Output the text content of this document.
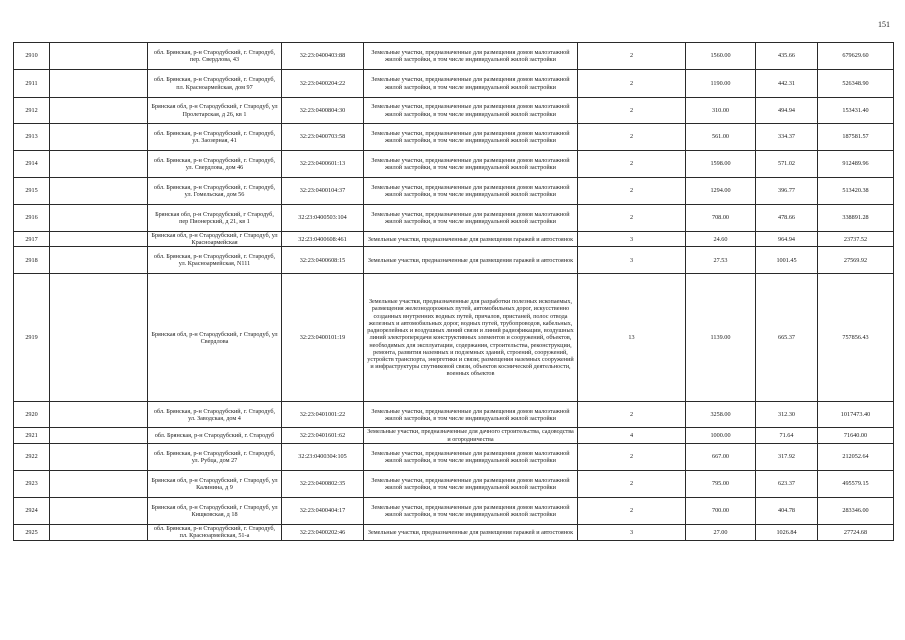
151
2910		обл. Брянская, р-н Стародубский, г. Стародуб, пер. Свердлова, 43	32:23:0400403:88	Земельные участки, предназначенные для размещения домов малоэтажной жилой застройки, в том числе индивидуальной жилой застройки	2	1560.00	435.66	679629.60
2911		обл. Брянская, р-н Стародубский, г. Стародуб, пл. Красноармейская, дом 97	32:23:0400204:22	Земельные участки, предназначенные для размещения домов малоэтажной жилой застройки, в том числе индивидуальной жилой застройки	2	1190.00	442.31	526348.90
2912		Брянская обл, р-н Стародубский, г Стародуб, ул Пролетарская, д 26, кв 1	32:23:0400804:30	Земельные участки, предназначенные для размещения домов малоэтажной жилой застройки, в том числе индивидуальной жилой застройки	2	310.00	494.94	153431.40
2913		обл. Брянская, р-н Стародубский, г. Стародуб, ул. Заозерная, 41	32:23:0400703:58	Земельные участки, предназначенные для размещения домов малоэтажной жилой застройки, в том числе индивидуальной жилой застройки	2	561.00	334.37	187581.57
2914		обл. Брянская, р-н Стародубский, г. Стародуб, ул. Свердлова, дом 46	32:23:0400601:13	Земельные участки, предназначенные для размещения домов малоэтажной жилой застройки, в том числе индивидуальной жилой застройки	2	1598.00	571.02	912489.96
2915		обл. Брянская, р-н Стародубский, г. Стародуб, ул. Гомельская, дом 56	32:23:0400104:37	Земельные участки, предназначенные для размещения домов малоэтажной жилой застройки, в том числе индивидуальной жилой застройки	2	1294.00	396.77	513420.38
2916		Брянская обл, р-н Стародубский, г Стародуб, пер Пионерский, д 21, кв 1	32:23:0400503:104	Земельные участки, предназначенные для размещения домов малоэтажной жилой застройки, в том числе индивидуальной жилой застройки	2	708.00	478.66	338891.28
2917		Брянская обл, р-н Стародубский, г Стародуб, ул Красноармейская	32:23:0400608:461	Земельные участки, предназначенные для размещения гаражей и автостоянок	3	24.60	964.94	23737.52
2918		обл. Брянская, р-н Стародубский, г. Стародуб, ул. Красноармейская, N111	32:23:0400608:15	Земельные участки, предназначенные для размещения гаражей и автостоянок	3	27.53	1001.45	27569.92
2919		Брянская обл, р-н Стародубский, г Стародуб, ул Свердлова	32:23:0400101:19	Земельные участки, предназначенные для разработки полезных ископаемых, размещения железнодорожных путей, автомобильных дорог, искусственно созданных внутренних водных путей, причалов, пристаней, полос отвода железных и автомобильных дорог, водных путей, трубопроводов, кабельных, радиорелейных и воздушных линий связи и линий радиофикации, воздушных линий электропередачи конструктивных элементов и сооружений, объектов, необходимых для эксплуатации, содержания, строительства, реконструкции, ремонта, развития наземных и подземных зданий, строений, сооружений, устройств транспорта, энергетики и связи; размещения наземных сооружений и инфраструктуры спутниковой связи, объектов космической деятельности, военных объектов	13	1139.00	665.37	757856.43
2920		обл. Брянская, р-н Стародубский, г. Стародуб, ул. Заводская, дом 4	32:23:0401001:22	Земельные участки, предназначенные для размещения домов малоэтажной жилой застройки, в том числе индивидуальной жилой застройки	2	3258.00	312.30	1017473.40
2921		обл. Брянская, р-н Стародубский, г. Стародуб	32:23:0401601:62	Земельные участки, предназначенные для дачного строительства, садоводства и огородничества	4	1000.00	71.64	71640.00
2922		обл. Брянская, р-н Стародубский, г. Стародуб, ул. Рубца, дом 27	32:23:0400304:105	Земельные участки, предназначенные для размещения домов малоэтажной жилой застройки, в том числе индивидуальной жилой застройки	2	667.00	317.92	212052.64
2923		Брянская обл, р-н Стародубский, г Стародуб, ул Калинина, д 9	32:23:0400802:35	Земельные участки, предназначенные для размещения домов малоэтажной жилой застройки, в том числе индивидуальной жилой застройки	2	795.00	623.37	495579.15
2924		Брянская обл, р-н Стародубский, г Стародуб, ул Кищковская, д 18	32:23:0400404:17	Земельные участки, предназначенные для размещения домов малоэтажной жилой застройки, в том числе индивидуальной жилой застройки	2	700.00	404.78	283346.00
2925		обл. Брянская, р-н Стародубский, г. Стародуб, пл. Красноармейская, 51-а	32:23:0400202:46	Земельные участки, предназначенные для размещения гаражей и автостоянок	3	27.00	1026.84	27724.68
